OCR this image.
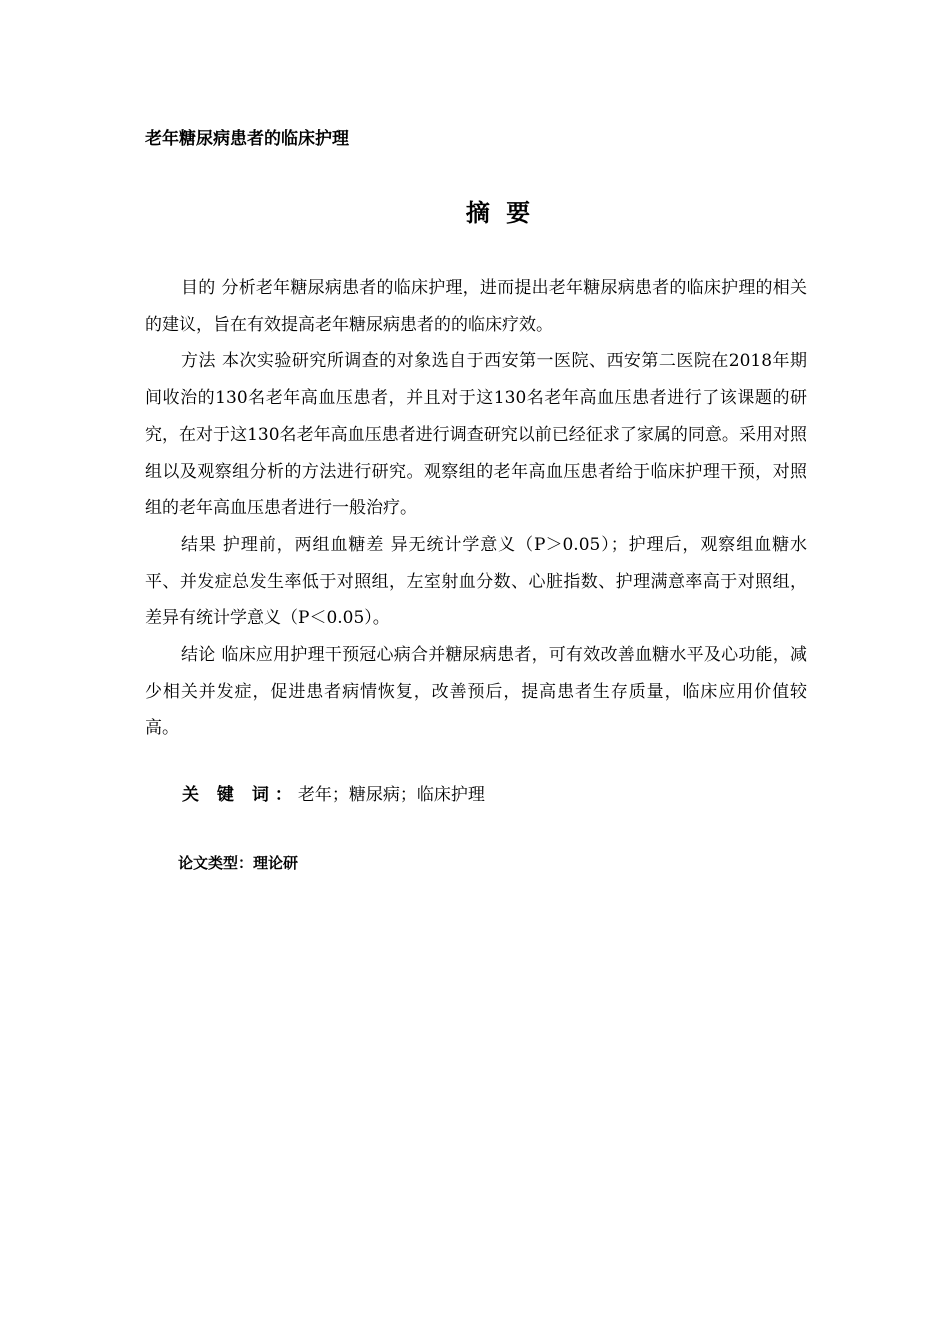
老年糖尿病患者的临床护理
摘 要

目的 分析老年糖尿病患者的临床护理，进而提出老年糖尿病患者的临床护理的相关的建议，旨在有效提高老年糖尿病患者的的临床疗效。

方法 本次实验研究所调查的对象选自于西安第一医院、西安第二医院在2018年期间收治的130名老年高血压患者，并且对于这130名老年高血压患者进行了该课题的研究，在对于这130名老年高血压患者进行调查研究以前已经征求了家属的同意。采用对照组以及观察组分析的方法进行研究。观察组的老年高血压患者给于临床护理干预，对照组的老年高血压患者进行一般治疗。

结果 护理前，两组血糖差 异无统计学意义（P＞0.05）；护理后，观察组血糖水平、并发症总发生率低于对照组，左室射血分数、心脏指数、护理满意率高于对照组，差异有统计学意义（P＜0.05）。

结论 临床应用护理干预冠心病合并糖尿病患者，可有效改善血糖水平及心功能，减少相关并发症，促进患者病情恢复，改善预后，提高患者生存质量，临床应用价值较高。

关 键 词：老年；糖尿病；临床护理
论文类型：理论研
